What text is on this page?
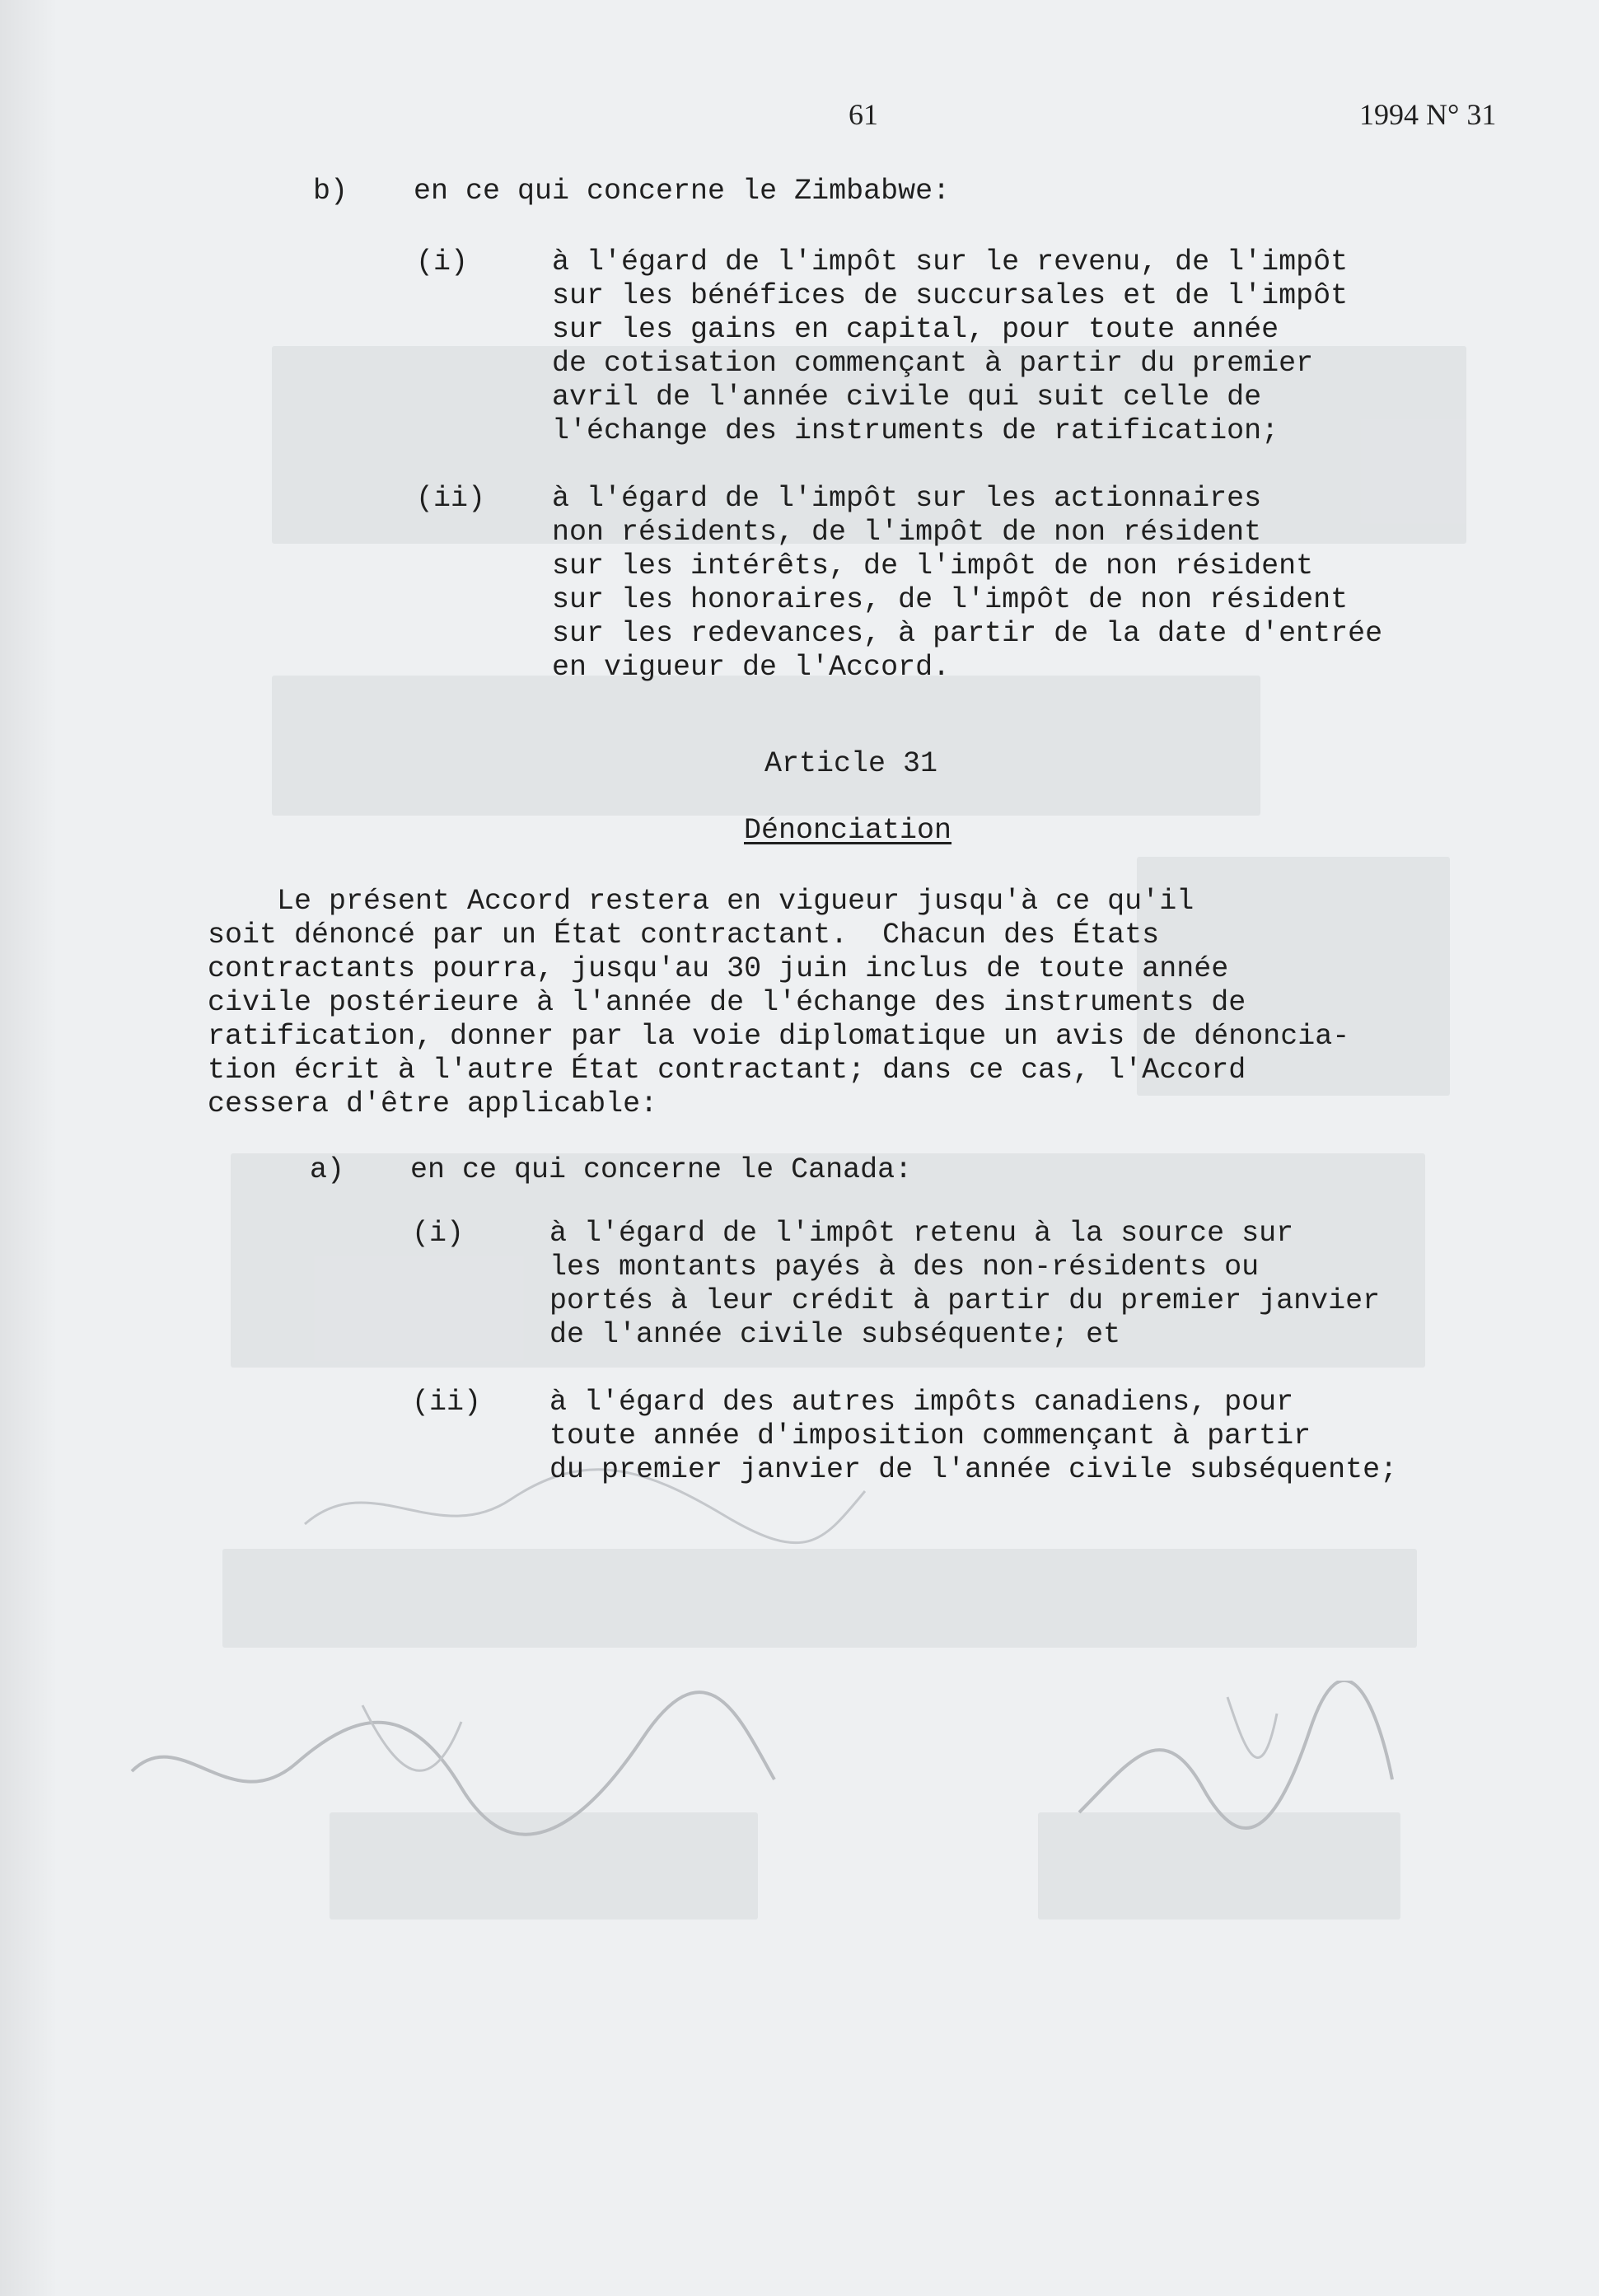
61	1994 N° 31
b) en ce qui concerne le Zimbabwe:
(i)	à l'égard de l'impôt sur le revenu, de l'impôt
sur les bénéfices de succursales et de l'impôt
sur les gains en capital, pour toute année
de cotisation commençant à partir du premier
avril de l'année civile qui suit celle de
l'échange des instruments de ratification;
(ii) à l'égard de l'impôt sur les actionnaires
non résidents, de l'impôt de non résident
sur les intérêts, de l'impôt de non résident
sur les honoraires, de l'impôt de non résident
sur les redevances, à partir de la date d'entrée
en vigueur de l'Accord.
Article 31
Dénonciation
Le présent Accord restera en vigueur jusqu'à ce qu'il
soit dénoncé par un État contractant.  Chacun des États
contractants pourra, jusqu'au 30 juin inclus de toute année
civile postérieure à l'année de l'échange des instruments de
ratification, donner par la voie diplomatique un avis de dénoncia-
tion écrit à l'autre État contractant; dans ce cas, l'Accord
cessera d'être applicable:
a) en ce qui concerne le Canada:
(i)	à l'égard de l'impôt retenu à la source sur
les montants payés à des non-résidents ou
portés à leur crédit à partir du premier janvier
de l'année civile subséquente; et
(ii) à l'égard des autres impôts canadiens, pour
toute année d'imposition commençant à partir
du premier janvier de l'année civile subséquente;
